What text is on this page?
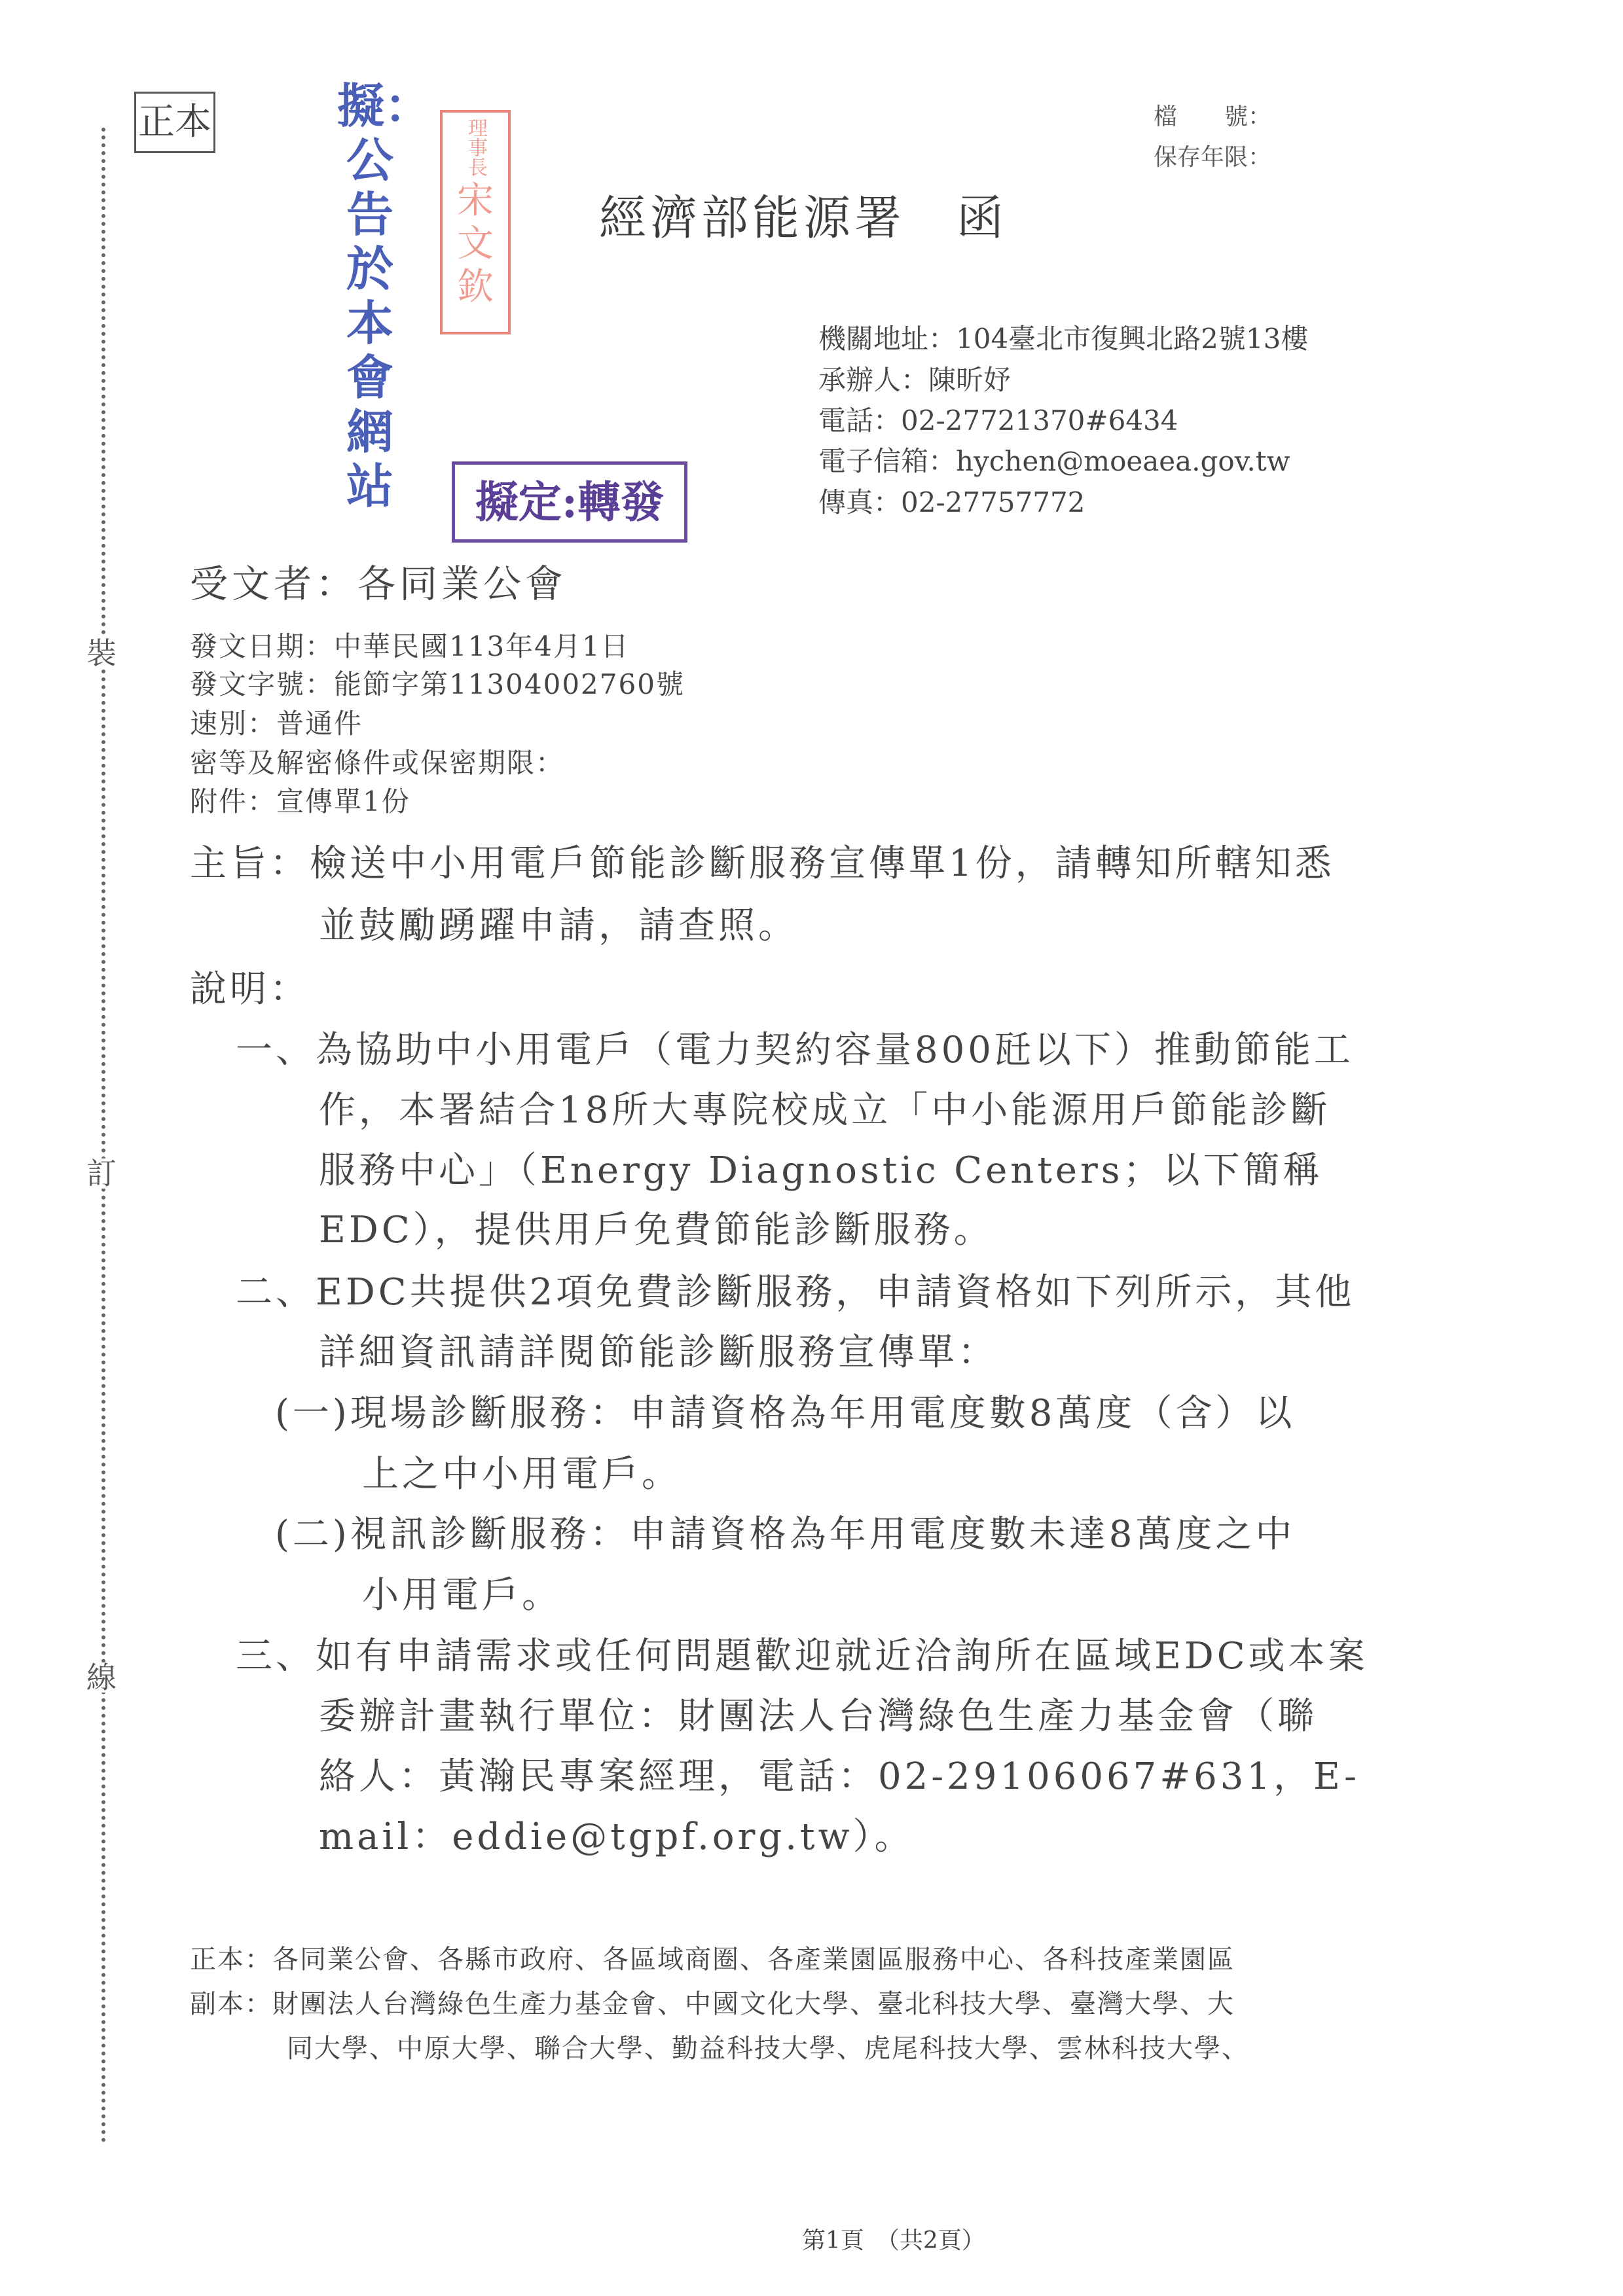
裝
訂
線
正本	擬：公告於本會網站
理事長
宋
文
欽
擬定:轉發
經濟部能源署　函
檔　　號：
保存年限：
機關地址：104臺北市復興北路2號13樓
承辦人：陳昕妤
電話：02-27721370#6434
電子信箱：hychen@moeaea.gov.tw
傳真：02-27757772
受文者：各同業公會
發文日期：中華民國113年4月1日
發文字號：能節字第11304002760號
速別：普通件
密等及解密條件或保密期限：
附件：宣傳單1份
主旨：檢送中小用電戶節能診斷服務宣傳單1份，請轉知所轄知悉
並鼓勵踴躍申請，請查照。
說明：
一、為協助中小用電戶（電力契約容量800瓩以下）推動節能工
作，本署結合18所大專院校成立「中小能源用戶節能診斷
服務中心」（Energy Diagnostic Centers；以下簡稱
EDC），提供用戶免費節能診斷服務。
二、EDC共提供2項免費診斷服務，申請資格如下列所示，其他
詳細資訊請詳閱節能診斷服務宣傳單：
(一)現場診斷服務：申請資格為年用電度數8萬度（含）以
上之中小用電戶。
(二)視訊診斷服務：申請資格為年用電度數未達8萬度之中
小用電戶。
三、如有申請需求或任何問題歡迎就近洽詢所在區域EDC或本案
委辦計畫執行單位：財團法人台灣綠色生產力基金會（聯
絡人：黃瀚民專案經理，電話：02-29106067#631，E-
mail：eddie@tgpf.org.tw）。
正本：各同業公會、各縣市政府、各區域商圈、各產業園區服務中心、各科技產業園區
副本：財團法人台灣綠色生產力基金會、中國文化大學、臺北科技大學、臺灣大學、大
同大學、中原大學、聯合大學、勤益科技大學、虎尾科技大學、雲林科技大學、
第1頁　（共2頁）
